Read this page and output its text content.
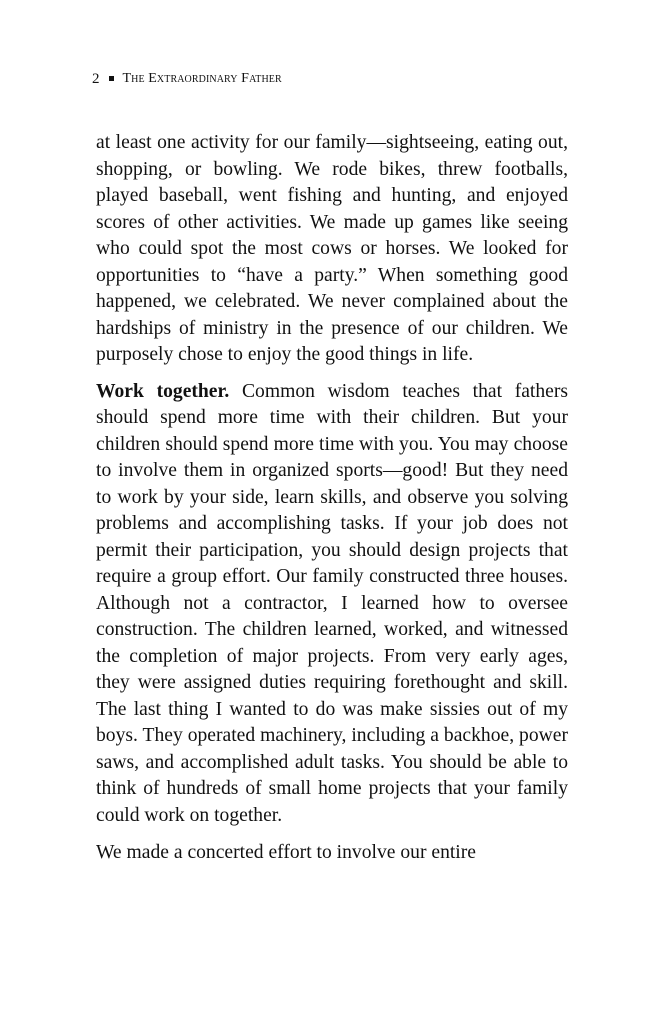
2 The Extraordinary Father

at least one activity for our family—sightseeing, eating out, shopping, or bowling. We rode bikes, threw footballs, played baseball, went fishing and hunting, and enjoyed scores of other activities. We made up games like seeing who could spot the most cows or horses. We looked for opportunities to “have a party.” When something good happened, we celebrated. We never complained about the hardships of ministry in the presence of our children. We purposely chose to enjoy the good things in life.

Work together. Common wisdom teaches that fathers should spend more time with their children. But your children should spend more time with you. You may choose to involve them in organized sports—good! But they need to work by your side, learn skills, and observe you solving problems and accomplishing tasks. If your job does not permit their participation, you should design projects that require a group effort. Our family constructed three houses. Although not a contractor, I learned how to oversee construction. The children learned, worked, and witnessed the completion of major projects. From very early ages, they were assigned duties requiring forethought and skill. The last thing I wanted to do was make sissies out of my boys. They operated machinery, including a backhoe, power saws, and accomplished adult tasks. You should be able to think of hundreds of small home projects that your family could work on together.

We made a concerted effort to involve our entire
